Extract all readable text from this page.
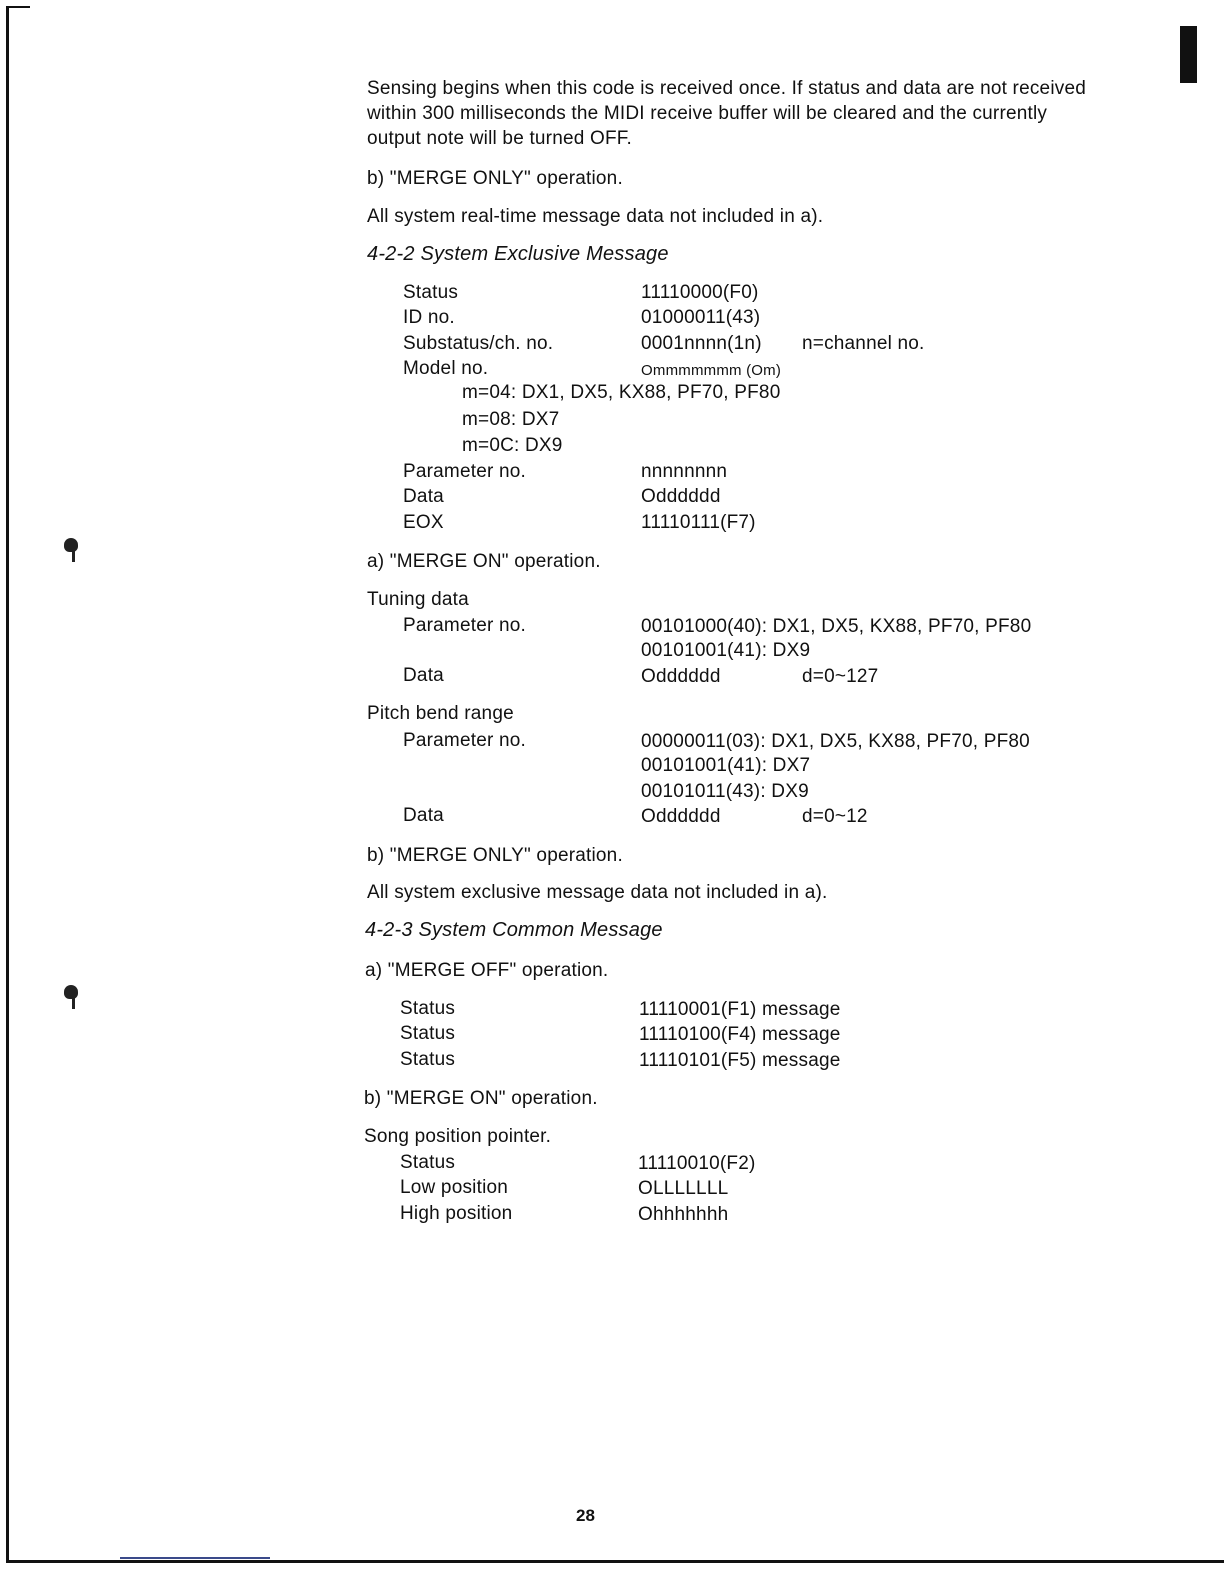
Sensing begins when this code is received once. If status and data are not received
within 300 milliseconds the MIDI receive buffer will be cleared and the currently
output note will be turned OFF.
b) "MERGE ONLY" operation.
All system real-time message data not included in a).
4-2-2 System Exclusive Message
Status	11110000(F0)
ID no.	01000011(43)
Substatus/ch. no.	0001nnnn(1n) n=channel no.
Model no.	Ommmmmmm (Om)
m=04: DX1, DX5, KX88, PF70, PF80
m=08: DX7
m=0C: DX9
Parameter no.	nnnnnnnn
Data	Odddddd
EOX	11110111(F7)
a) "MERGE ON" operation.
Tuning data
Parameter no.	00101000(40): DX1, DX5, KX88, PF70, PF80
00101001(41): DX9
Data	Odddddd	d=0~127
Pitch bend range
Parameter no.	00000011(03): DX1, DX5, KX88, PF70, PF80
00101001(41): DX7
00101011(43): DX9
Data	Odddddd	d=0~12
b) "MERGE ONLY" operation.
All system exclusive message data not included in a).
4-2-3 System Common Message
a) "MERGE OFF" operation.
Status	11110001(F1) message
Status	11110100(F4) message
Status	11110101(F5) message
b) "MERGE ON" operation.
Song position pointer.
Status	11110010(F2)
Low position	OLLLLLLL
High position	Ohhhhhhh
28
